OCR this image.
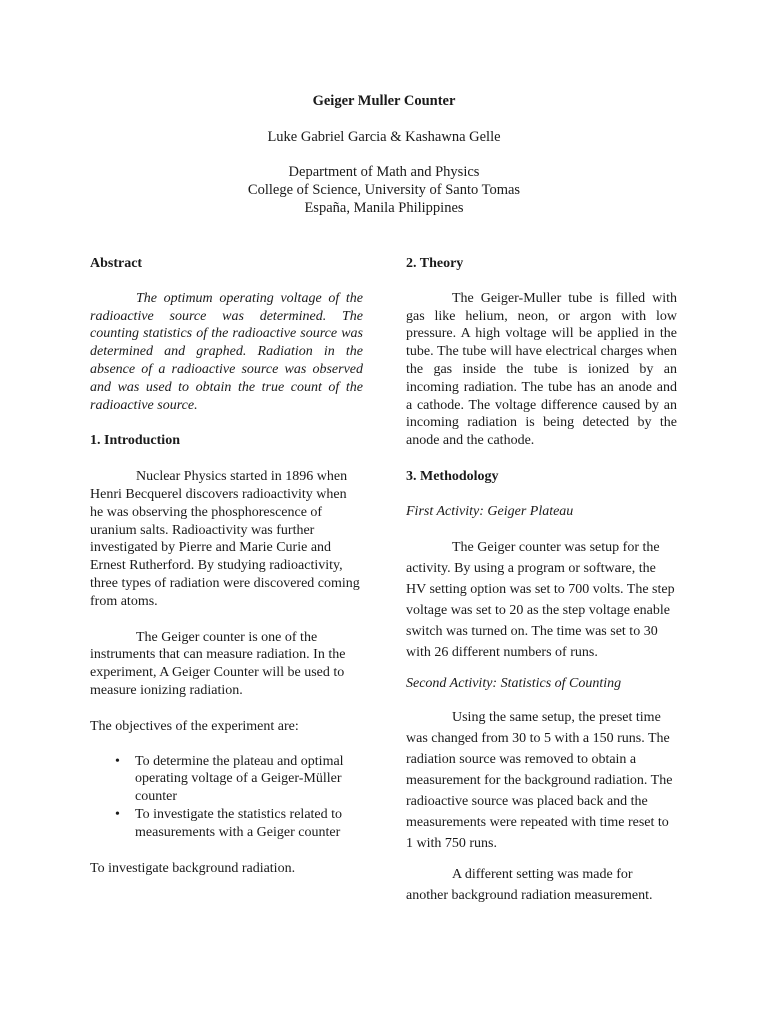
Geiger Muller Counter
Luke Gabriel Garcia & Kashawna Gelle
Department of Math and Physics
College of Science, University of Santo Tomas
España, Manila Philippines
Abstract

The optimum operating voltage of the radioactive source was determined. The counting statistics of the radioactive source was determined and graphed. Radiation in the absence of a radioactive source was observed and was used to obtain the true count of the radioactive source.

1. Introduction

Nuclear Physics started in 1896 when Henri Becquerel discovers radioactivity when he was observing the phosphorescence of uranium salts. Radioactivity was further investigated by Pierre and Marie Curie and Ernest Rutherford. By studying radioactivity, three types of radiation were discovered coming from atoms.

The Geiger counter is one of the instruments that can measure radiation. In the experiment, A Geiger Counter will be used to measure ionizing radiation.

The objectives of the experiment are:

• To determine the plateau and optimal operating voltage of a Geiger-Müller counter
• To investigate the statistics related to measurements with a Geiger counter

To investigate background radiation.

2. Theory

The Geiger-Muller tube is filled with gas like helium, neon, or argon with low pressure. A high voltage will be applied in the tube. The tube will have electrical charges when the gas inside the tube is ionized by an incoming radiation. The tube has an anode and a cathode. The voltage difference caused by an incoming radiation is being detected by the anode and the cathode.

3. Methodology

First Activity: Geiger Plateau

The Geiger counter was setup for the activity. By using a program or software, the HV setting option was set to 700 volts. The step voltage was set to 20 as the step voltage enable switch was turned on. The time was set to 30 with 26 different numbers of runs.

Second Activity: Statistics of Counting

Using the same setup, the preset time was changed from 30 to 5 with a 150 runs. The radiation source was removed to obtain a measurement for the background radiation. The radioactive source was placed back and the measurements were repeated with time reset to 1 with 750 runs.

A different setting was made for another background radiation measurement.
